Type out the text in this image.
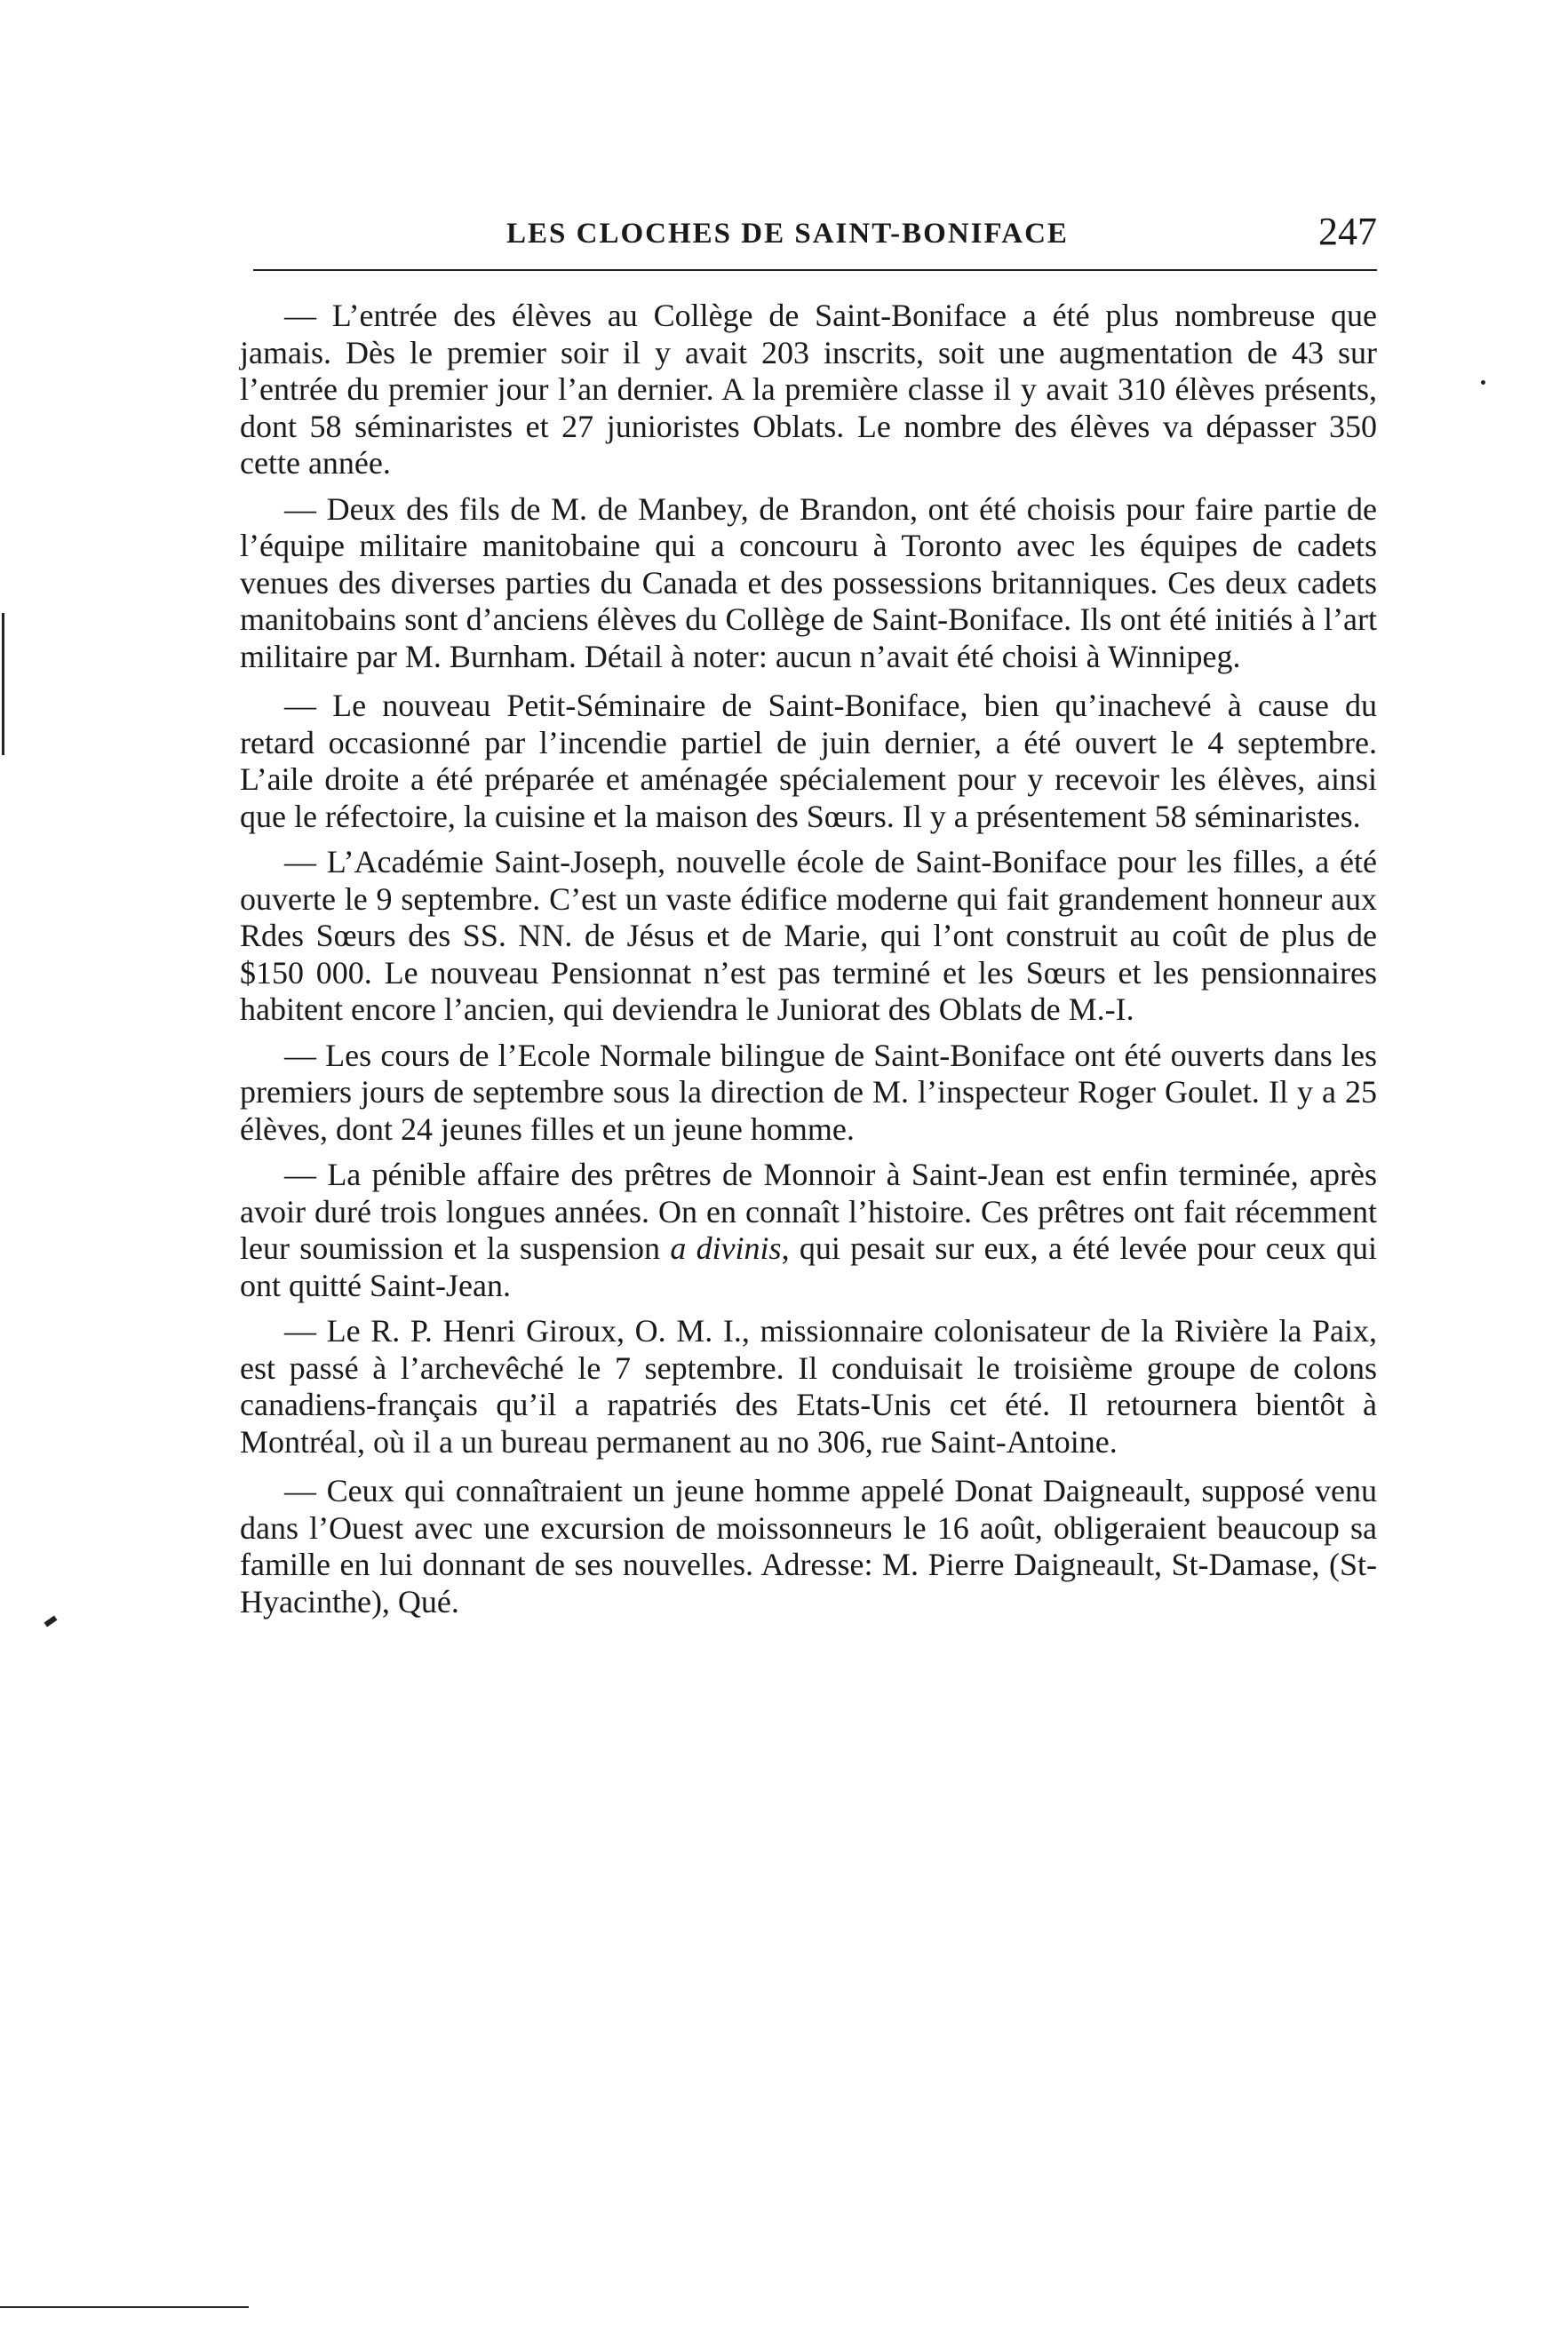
LES CLOCHES DE SAINT-BONIFACE	247

— L’entrée des élèves au Collège de Saint-Boniface a été plus nombreuse que jamais. Dès le premier soir il y avait 203 inscrits, soit une augmentation de 43 sur l’entrée du premier jour l’an dernier. A la première classe il y avait 310 élèves présents, dont 58 séminaristes et 27 junioristes Oblats. Le nombre des élèves va dépasser 350 cette année.

— Deux des fils de M. de Manbey, de Brandon, ont été choisis pour faire partie de l’équipe militaire manitobaine qui a concouru à Toronto avec les équipes de cadets venues des diverses parties du Canada et des possessions britanniques. Ces deux cadets manitobains sont d’anciens élèves du Collège de Saint-Boniface. Ils ont été initiés à l’art militaire par M. Burnham. Détail à noter: aucun n’avait été choisi à Winnipeg.

— Le nouveau Petit-Séminaire de Saint-Boniface, bien qu’inachevé à cause du retard occasionné par l’incendie partiel de juin dernier, a été ouvert le 4 septembre. L’aile droite a été préparée et aménagée spécialement pour y recevoir les élèves, ainsi que le réfectoire, la cuisine et la maison des Sœurs. Il y a présentement 58 séminaristes.

— L’Académie Saint-Joseph, nouvelle école de Saint-Boniface pour les filles, a été ouverte le 9 septembre. C’est un vaste édifice moderne qui fait grandement honneur aux Rdes Sœurs des SS. NN. de Jésus et de Marie, qui l’ont construit au coût de plus de $150 000. Le nouveau Pensionnat n’est pas terminé et les Sœurs et les pensionnaires habitent encore l’ancien, qui deviendra le Juniorat des Oblats de M.-I.

— Les cours de l’Ecole Normale bilingue de Saint-Boniface ont été ouverts dans les premiers jours de septembre sous la direction de M. l’inspecteur Roger Goulet. Il y a 25 élèves, dont 24 jeunes filles et un jeune homme.

— La pénible affaire des prêtres de Monnoir à Saint-Jean est enfin terminée, après avoir duré trois longues années. On en connaît l’histoire. Ces prêtres ont fait récemment leur soumission et la suspension a divinis, qui pesait sur eux, a été levée pour ceux qui ont quitté Saint-Jean.

— Le R. P. Henri Giroux, O. M. I., missionnaire colonisateur de la Rivière la Paix, est passé à l’archevêché le 7 septembre. Il conduisait le troisième groupe de colons canadiens-français qu’il a rapatriés des Etats-Unis cet été. Il retournera bientôt à Montréal, où il a un bureau permanent au no 306, rue Saint-Antoine.

— Ceux qui connaîtraient un jeune homme appelé Donat Daigneault, supposé venu dans l’Ouest avec une excursion de moissonneurs le 16 août, obligeraient beaucoup sa famille en lui donnant de ses nouvelles. Adresse: M. Pierre Daigneault, St-Damase, (St-Hyacinthe), Qué.
